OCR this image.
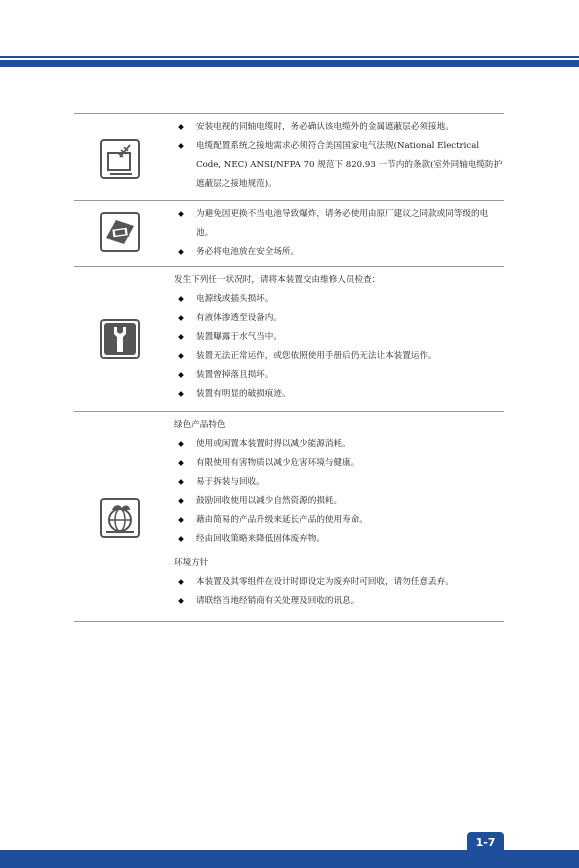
安装电视的同轴电缆时，务必确认该电缆外的金属遮蔽层必须接地。
电缆配置系统之接地需求必须符合美国国家电气法规(National Electrical Code, NEC) ANSI/NFPA 70 规范下 820.93 一节内的条款(室外同轴电缆防护遮蔽层之接地规范)。
为避免因更换不当电池导致爆炸，请务必使用由原厂建议之同款或同等级的电池。
务必将电池放在安全场所。

发生下列任一状况时，请将本装置交由维修人员检查：

电源线或插头损坏。
有液体渗透至设备内。
装置曝露于水气当中。
装置无法正常运作，或您依照使用手册后仍无法让本装置运作。
装置曾掉落且损坏。
装置有明显的破损痕迹。

绿色产品特色

使用或闲置本装置时得以减少能源消耗。
有限使用有害物质以减少危害环境与健康。
易于拆装与回收。
鼓励回收使用以减少自然资源的损耗。
藉由简易的产品升级来延长产品的使用寿命。
经由回收策略来降低固体废弃物。

环境方针

本装置及其零组件在设计时即设定为废弃时可回收，请勿任意丢弃。
请联络当地经销商有关处理及回收的讯息。
1-7
